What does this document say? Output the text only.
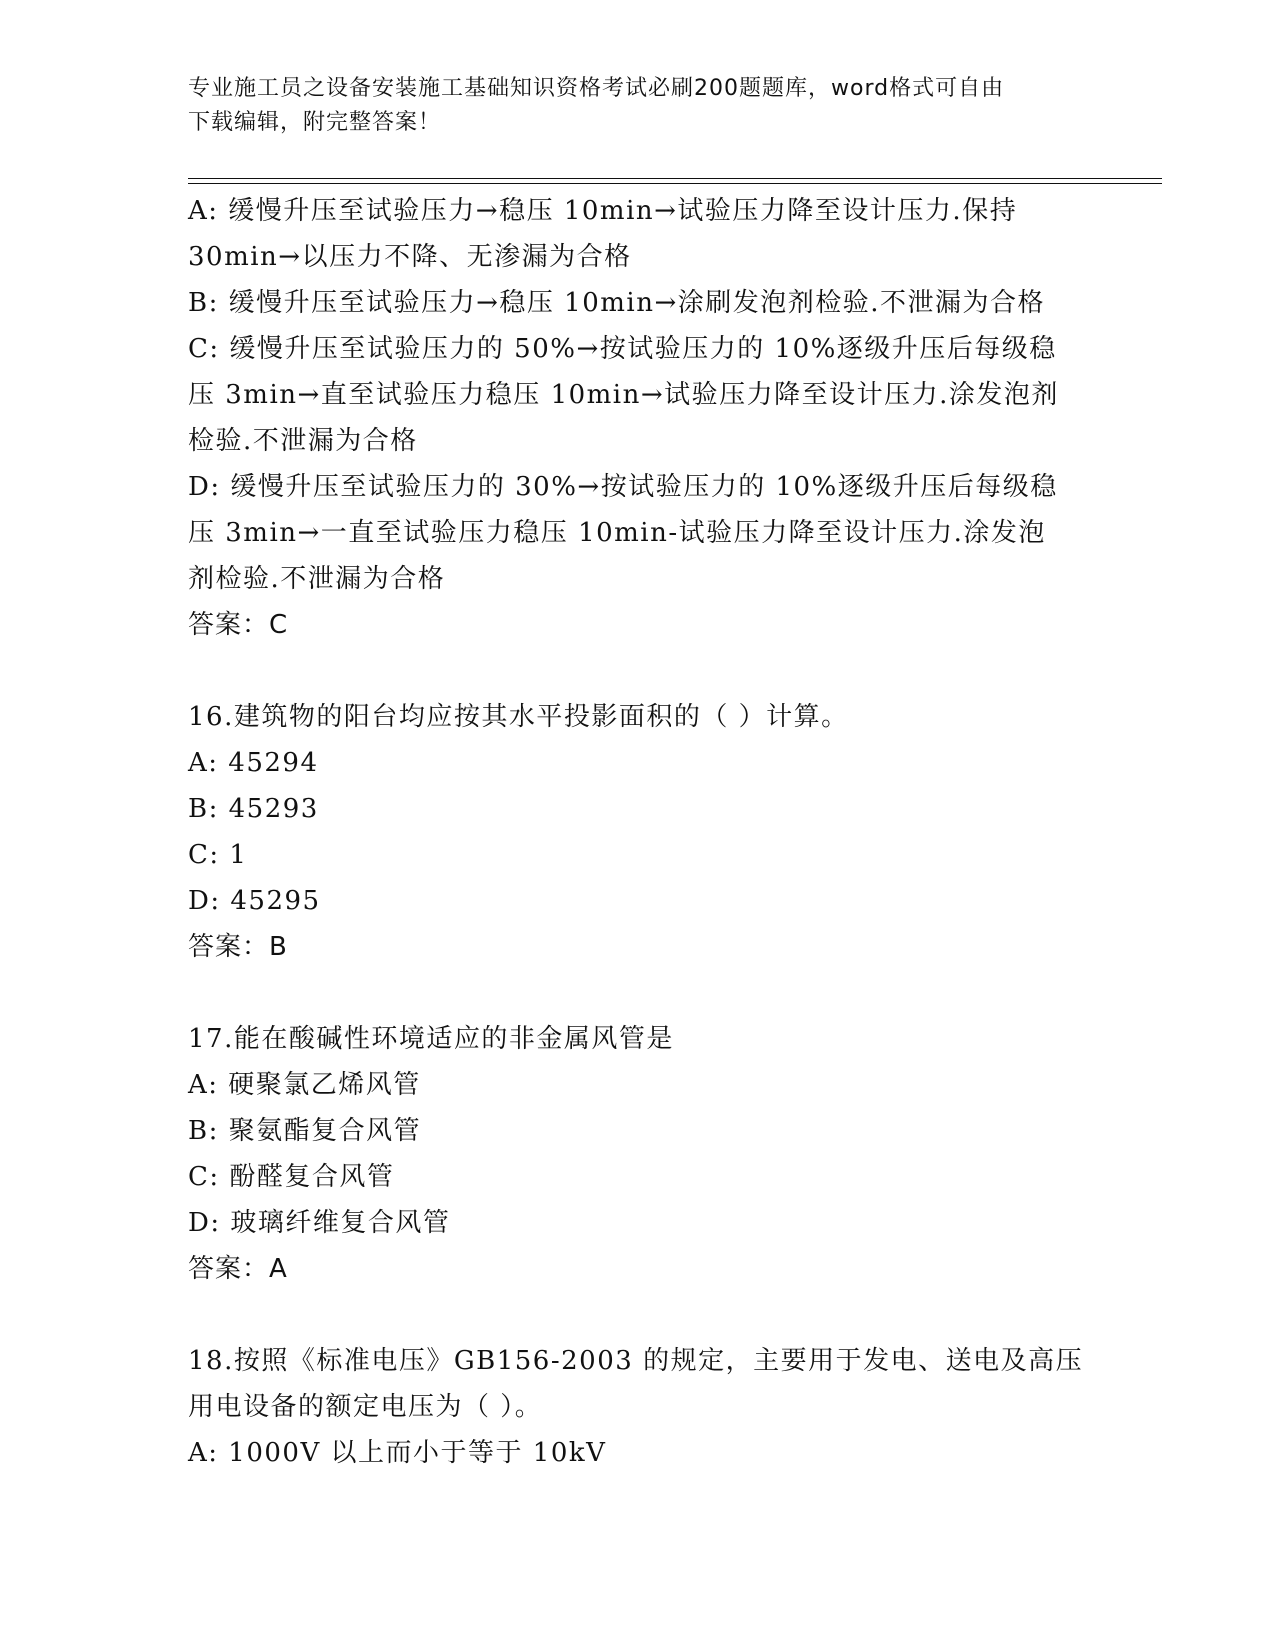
专业施工员之设备安装施工基础知识资格考试必刷200题题库，word格式可自由
下载编辑，附完整答案！
A: 缓慢升压至试验压力→稳压 10min→试验压力降至设计压力.保持
30min→以压力不降、无渗漏为合格
B: 缓慢升压至试验压力→稳压 10min→涂刷发泡剂检验.不泄漏为合格
C: 缓慢升压至试验压力的 50%→按试验压力的 10%逐级升压后每级稳
压 3min→直至试验压力稳压 10min→试验压力降至设计压力.涂发泡剂
检验.不泄漏为合格
D: 缓慢升压至试验压力的 30%→按试验压力的 10%逐级升压后每级稳
压 3min→一直至试验压力稳压 10min-试验压力降至设计压力.涂发泡
剂检验.不泄漏为合格
答案：C
16.建筑物的阳台均应按其水平投影面积的（ ）计算。
A: 45294
B: 45293
C: 1
D: 45295
答案：B
17.能在酸碱性环境适应的非金属风管是
A: 硬聚氯乙烯风管
B: 聚氨酯复合风管
C: 酚醛复合风管
D: 玻璃纤维复合风管
答案：A
18.按照《标准电压》GB156-2003 的规定，主要用于发电、送电及高压
用电设备的额定电压为（ ）。
A: 1000V 以上而小于等于 10kV
